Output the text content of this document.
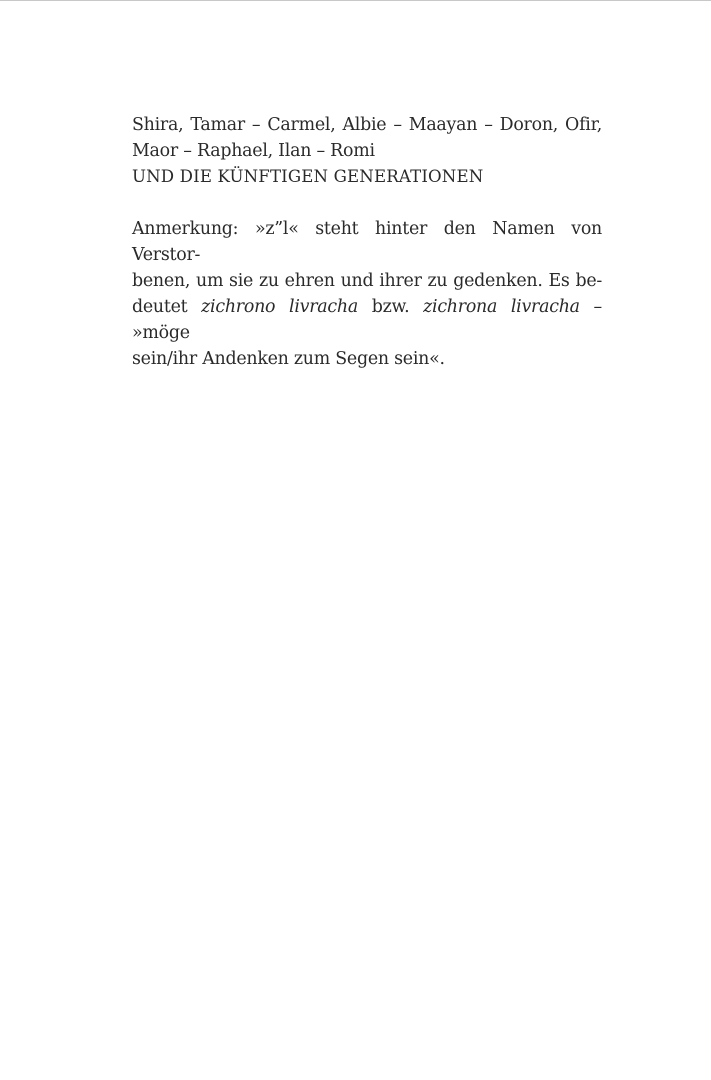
Shira, Tamar – Carmel, Albie – Maayan – Doron, Ofir,

Maor – Raphael, Ilan – Romi

UND DIE KÜNFTIGEN GENERATIONEN

Anmerkung: »z”l« steht hinter den Namen von Verstor-

benen, um sie zu ehren und ihrer zu gedenken. Es be-

deutet zichrono livracha bzw. zichrona livracha – »möge

sein/ihr Andenken zum Segen sein«.
